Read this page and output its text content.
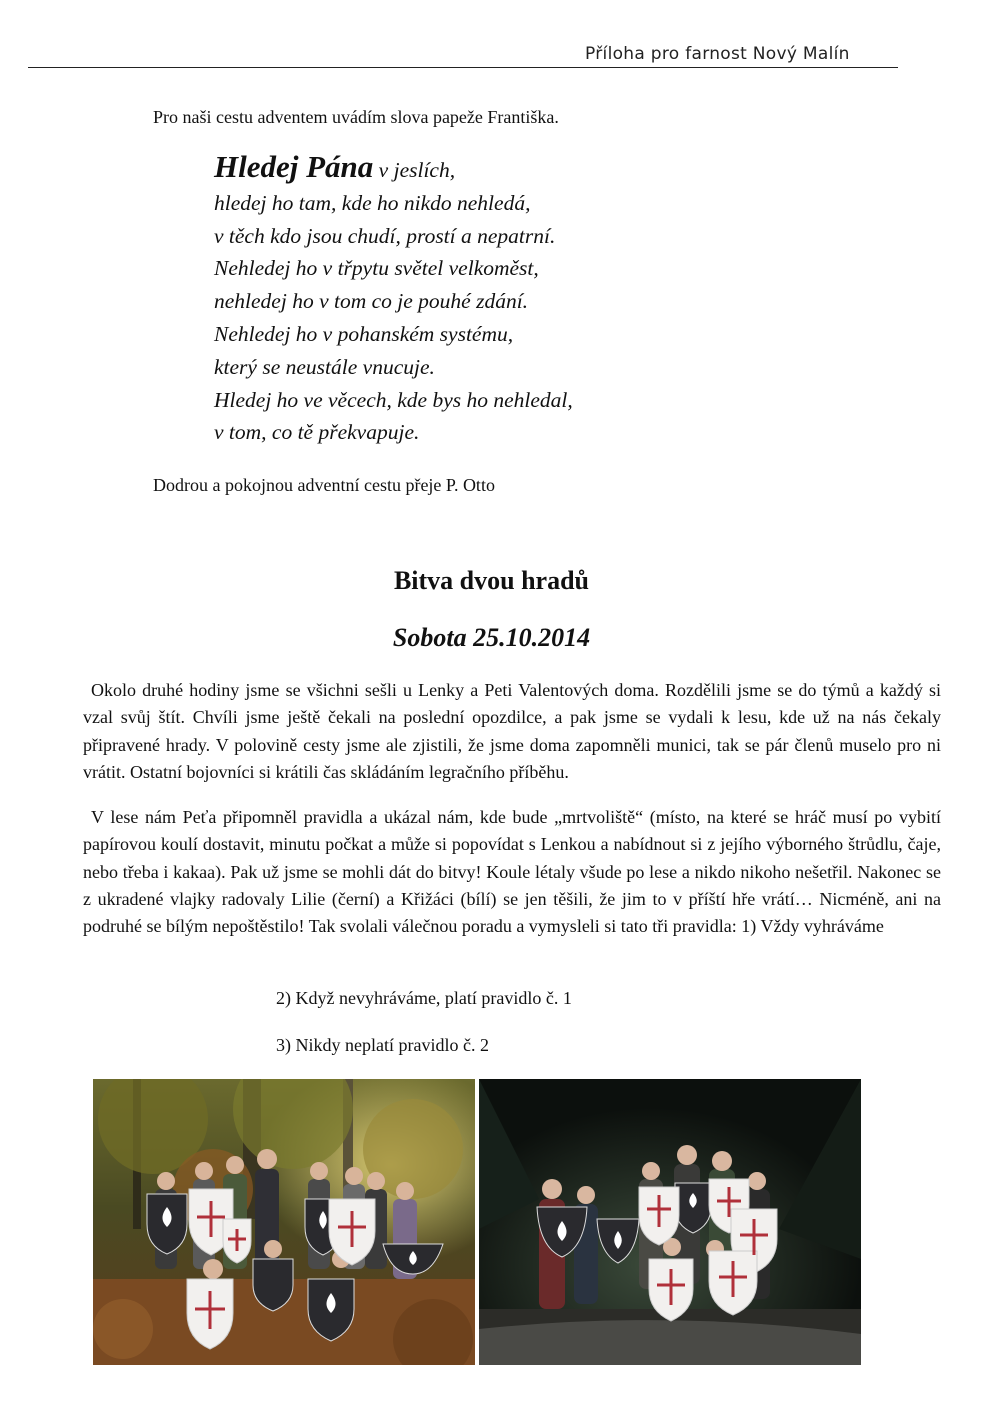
Příloha pro farnost Nový Malín
Pro naši cestu adventem uvádím slova papeže Františka.
Hledej Pána v jeslích,
hledej ho tam, kde ho nikdo nehledá,
v těch kdo jsou chudí, prostí a nepatrní.
Nehledej ho v třpytu světel velkoměst,
nehledej ho v tom co je pouhé zdání.
Nehledej ho v pohanském systému,
který se neustále vnucuje.
Hledej ho ve věcech, kde bys ho nehledal,
v tom, co tě překvapuje.
Dodrou a pokojnou adventní cestu přeje P. Otto
Bitva dvou hradů
Sobota 25.10.2014

Okolo druhé hodiny jsme se všichni sešli u Lenky a Peti Valentových doma. Rozdělili jsme se do týmů a každý si vzal svůj štít. Chvíli jsme ještě čekali na poslední opozdilce, a pak jsme se vydali k lesu, kde už na nás čekaly připravené hrady. V polovině cesty jsme ale zjistili, že jsme doma zapomněli munici, tak se pár členů muselo pro ni vrátit. Ostatní bojovníci si krátili čas skládáním legračního příběhu.

V lese nám Peťa připomněl pravidla a ukázal nám, kde bude „mrtvoliště“ (místo, na které se hráč musí po vybití papírovou koulí dostavit, minutu počkat a může si popovídat s Lenkou a nabídnout si z jejího výborného štrůdlu, čaje, nebo třeba i kakaa). Pak už jsme se mohli dát do bitvy! Koule létaly všude po lese a nikdo nikoho nešetřil. Nakonec se z ukradené vlajky radovaly Lilie (černí) a Křižáci (bílí) se jen těšili, že jim to v příští hře vrátí… Nicméně, ani na podruhé se bílým nepoštěstilo! Tak svolali válečnou poradu a vymysleli si tato tři pravidla: 1) Vždy vyhráváme

2) Když nevyhráváme, platí pravidlo č. 1
3) Nikdy neplatí pravidlo č. 2
